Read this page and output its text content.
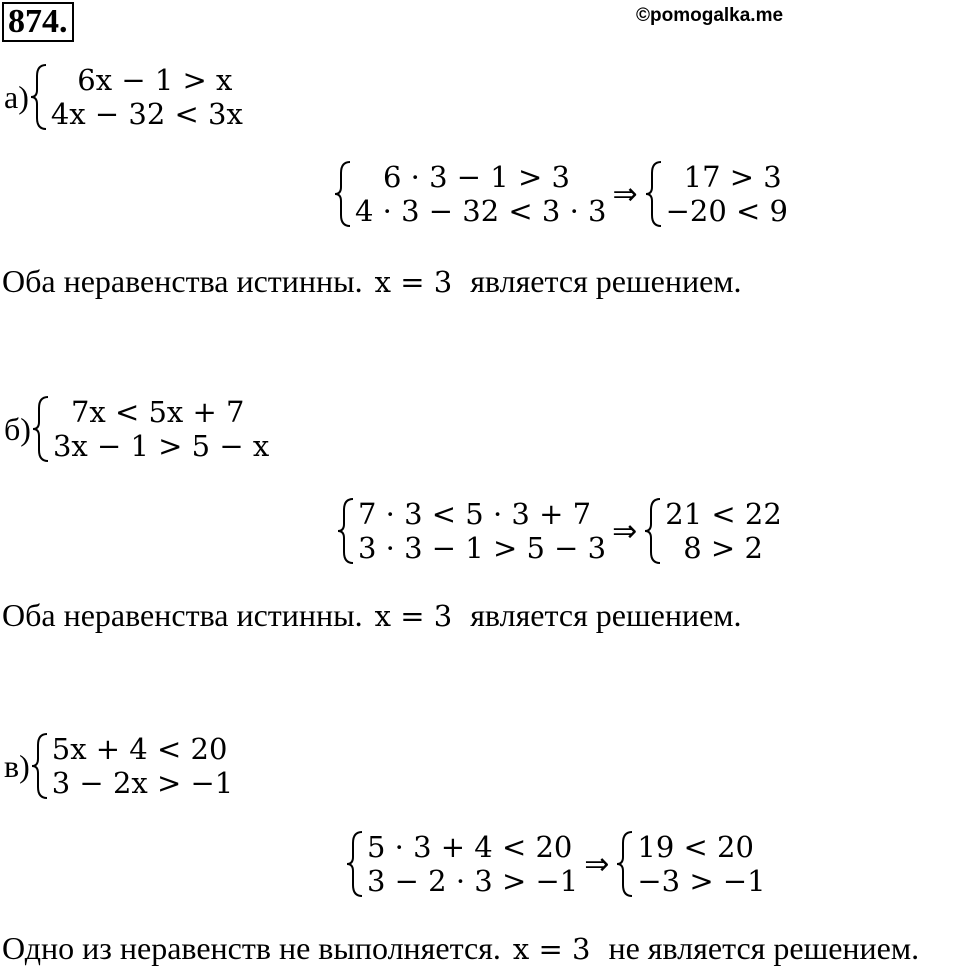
874.	©pomogalka.me
а)	6x − 1 > x
4x − 32 < 3x
6 · 3 − 1 > 3
4 · 3 − 32 < 3 · 3 ⇒	17 > 3
−20 < 9
Оба неравенства истинны. x = 3 является решением.
б)	7x < 5x + 7
3x − 1 > 5 − x
7 · 3 < 5 · 3 + 7
3 · 3 − 1 > 5 − 3 ⇒ 21 < 22
8 > 2
Оба неравенства истинны. x = 3 является решением.
в) 5x + 4 < 20
3 − 2x > −1
5 · 3 + 4 < 20
3 − 2 · 3 > −1 ⇒ 19 < 20
−3 > −1
Одно из неравенств не выполняется. x = 3 не является решением.
